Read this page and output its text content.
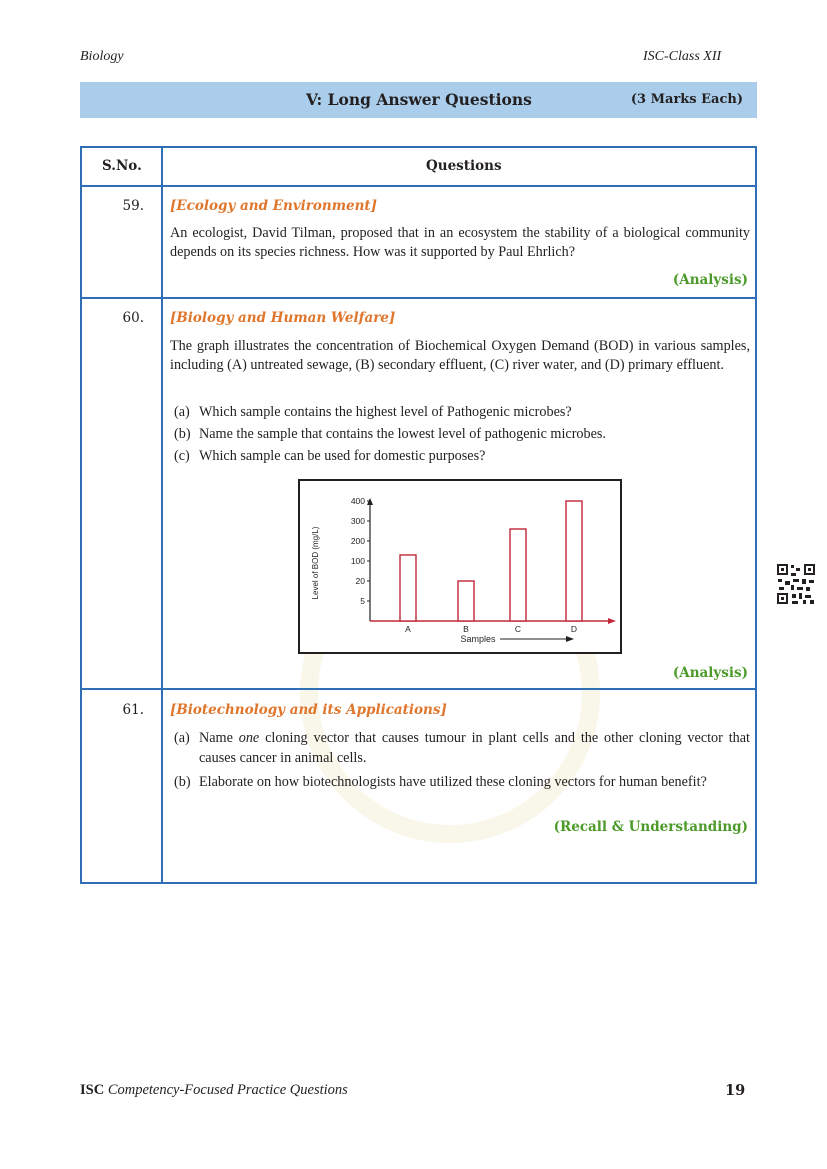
Biology	ISC-Class XII
V: Long Answer Questions	(3 Marks Each)
S.No.	Questions
59. [Ecology and Environment]
An ecologist, David Tilman, proposed that in an ecosystem the stability of a biological community depends on its species richness. How was it supported by Paul Ehrlich?
(Analysis)
60. [Biology and Human Welfare]
The graph illustrates the concentration of Biochemical Oxygen Demand (BOD) in various samples, including (A) untreated sewage, (B) secondary effluent, (C) river water, and (D) primary effluent.
(a) Which sample contains the highest level of Pathogenic microbes?
(b) Name the sample that contains the lowest level of pathogenic microbes.
(c) Which sample can be used for domestic purposes?
5
20
100
200
300
400
A	B	C	D
Level of BOD (mg/L)
Samples
(Analysis)
61. [Biotechnology and its Applications]
(a) Name one cloning vector that causes tumour in plant cells and the other cloning vector that causes cancer in animal cells.
(b) Elaborate on how biotechnologists have utilized these cloning vectors for human benefit?
(Recall & Understanding)
ISC Competency-Focused Practice Questions	19
